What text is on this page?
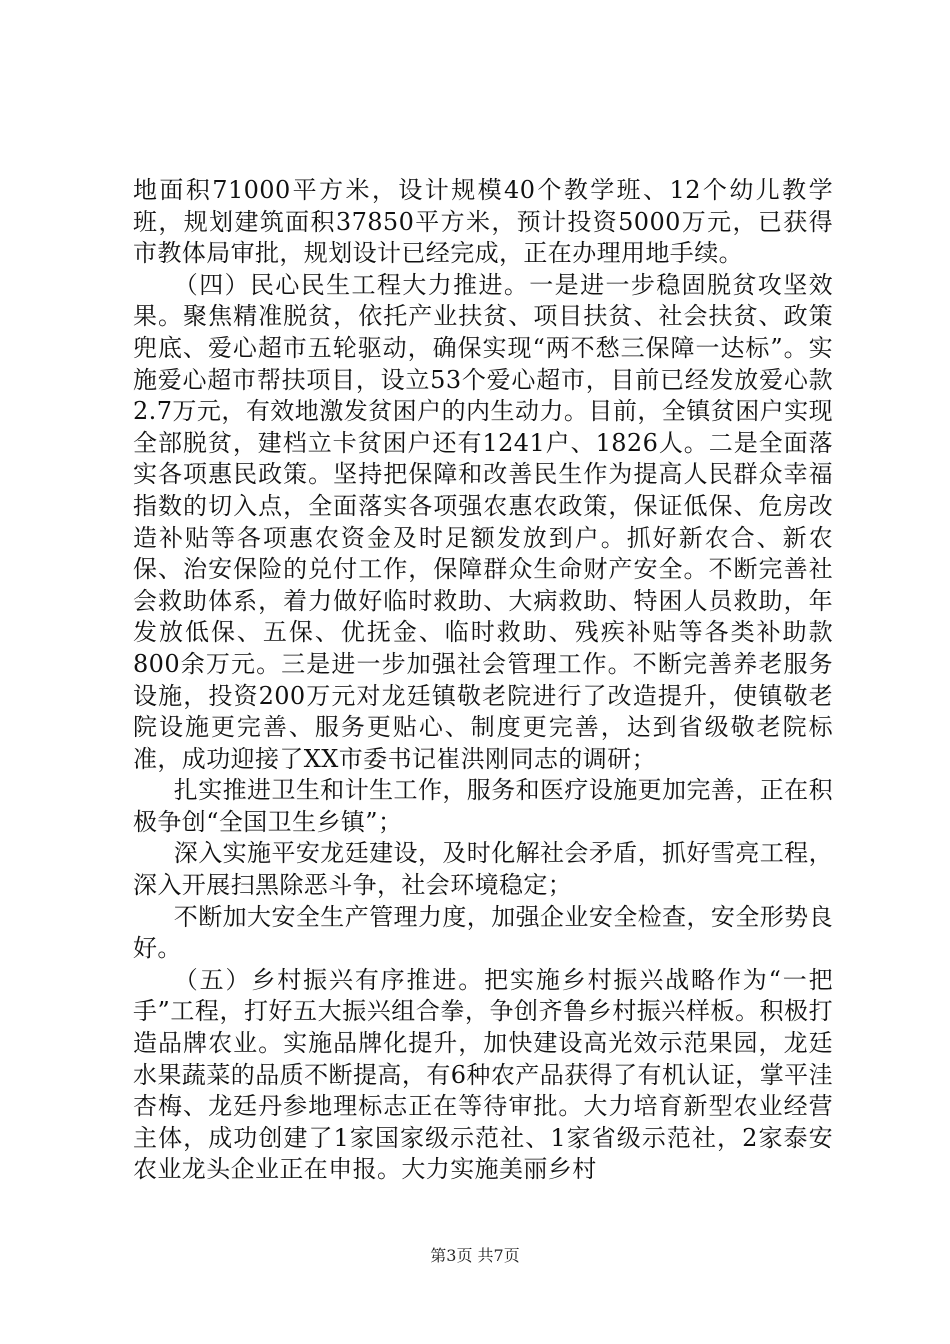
地面积71000平方米，设计规模40个教学班、12个幼儿教学班，规划建筑面积37850平方米，预计投资5000万元，已获得市教体局审批，规划设计已经完成，正在办理用地手续。

（四）民心民生工程大力推进。一是进一步稳固脱贫攻坚效果。聚焦精准脱贫，依托产业扶贫、项目扶贫、社会扶贫、政策兜底、爱心超市五轮驱动，确保实现“两不愁三保障一达标”。实施爱心超市帮扶项目，设立53个爱心超市，目前已经发放爱心款2.7万元，有效地激发贫困户的内生动力。目前，全镇贫困户实现全部脱贫，建档立卡贫困户还有1241户、1826人。二是全面落实各项惠民政策。坚持把保障和改善民生作为提高人民群众幸福指数的切入点，全面落实各项强农惠农政策，保证低保、危房改造补贴等各项惠农资金及时足额发放到户。抓好新农合、新农保、治安保险的兑付工作，保障群众生命财产安全。不断完善社会救助体系，着力做好临时救助、大病救助、特困人员救助，年发放低保、五保、优抚金、临时救助、残疾补贴等各类补助款800余万元。三是进一步加强社会管理工作。不断完善养老服务设施，投资200万元对龙廷镇敬老院进行了改造提升，使镇敬老院设施更完善、服务更贴心、制度更完善，达到省级敬老院标准，成功迎接了XX市委书记崔洪刚同志的调研；

扎实推进卫生和计生工作，服务和医疗设施更加完善，正在积极争创“全国卫生乡镇”；

深入实施平安龙廷建设，及时化解社会矛盾，抓好雪亮工程，深入开展扫黑除恶斗争，社会环境稳定；

不断加大安全生产管理力度，加强企业安全检查，安全形势良好。

（五）乡村振兴有序推进。把实施乡村振兴战略作为“一把手”工程，打好五大振兴组合拳，争创齐鲁乡村振兴样板。积极打造品牌农业。实施品牌化提升，加快建设高光效示范果园，龙廷水果蔬菜的品质不断提高，有6种农产品获得了有机认证，掌平洼杏梅、龙廷丹参地理标志正在等待审批。大力培育新型农业经营主体，成功创建了1家国家级示范社、1家省级示范社，2家泰安农业龙头企业正在申报。大力实施美丽乡村

第3页 共7页
